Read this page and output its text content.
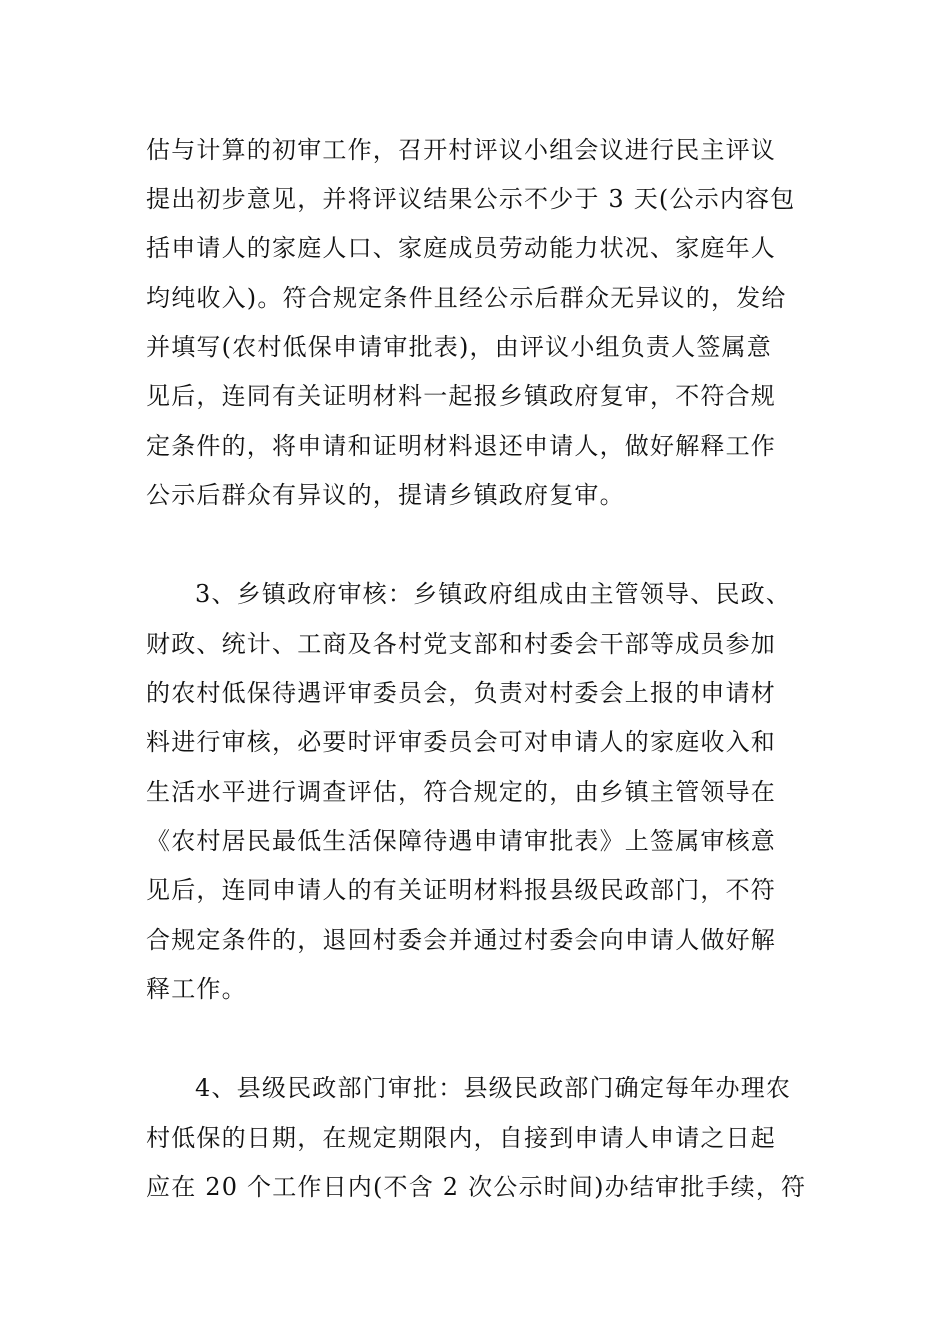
估与计算的初审工作，召开村评议小组会议进行民主评议
提出初步意见，并将评议结果公示不少于 3 天(公示内容包
括申请人的家庭人口、家庭成员劳动能力状况、家庭年人
均纯收入)。符合规定条件且经公示后群众无异议的，发给
并填写(农村低保申请审批表)，由评议小组负责人签属意
见后，连同有关证明材料一起报乡镇政府复审，不符合规
定条件的，将申请和证明材料退还申请人，做好解释工作
公示后群众有异议的，提请乡镇政府复审。
3、乡镇政府审核：乡镇政府组成由主管领导、民政、
财政、统计、工商及各村党支部和村委会干部等成员参加
的农村低保待遇评审委员会，负责对村委会上报的申请材
料进行审核，必要时评审委员会可对申请人的家庭收入和
生活水平进行调查评估，符合规定的，由乡镇主管领导在
《农村居民最低生活保障待遇申请审批表》上签属审核意
见后，连同申请人的有关证明材料报县级民政部门，不符
合规定条件的，退回村委会并通过村委会向申请人做好解
释工作。
4、县级民政部门审批：县级民政部门确定每年办理农
村低保的日期，在规定期限内，自接到申请人申请之日起
应在 20 个工作日内(不含 2 次公示时间)办结审批手续，符
